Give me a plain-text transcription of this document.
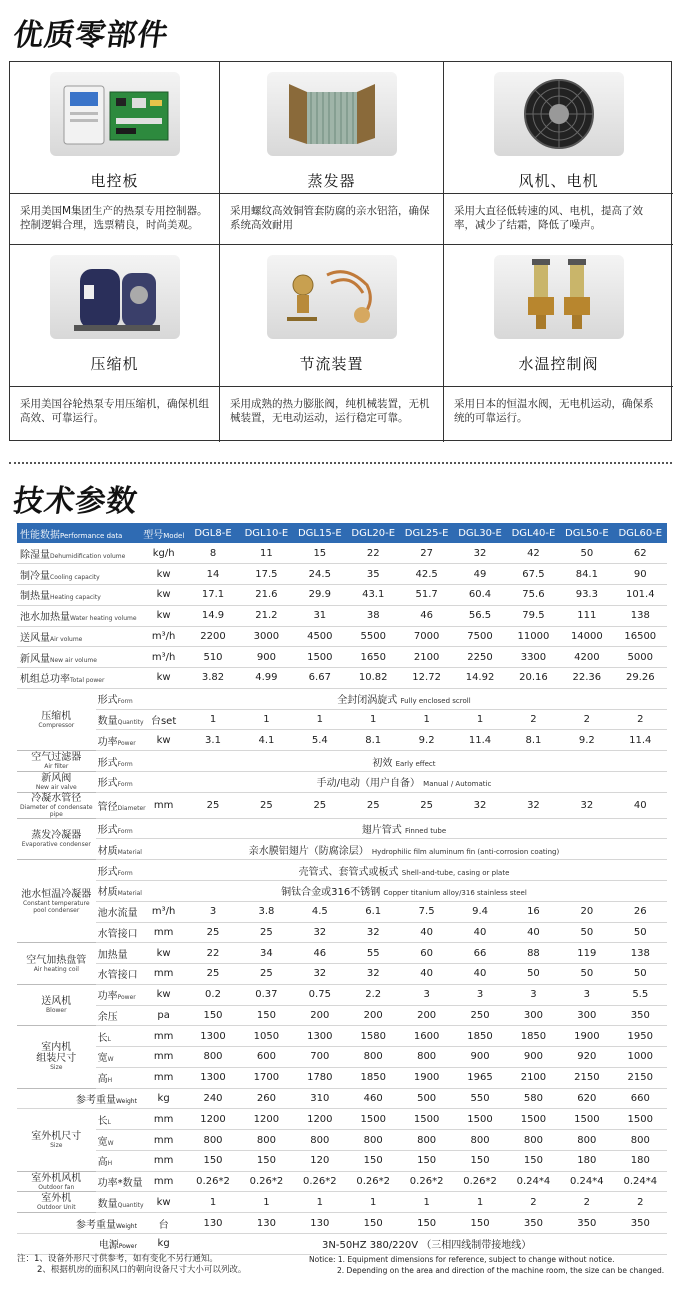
优质零部件
电控板	蒸发器	风机、电机
采用美国M集团生产的热泵专用控制器。控制逻辑合理，选票精良，时尚美观。
采用螺纹高效铜管套防腐的亲水铝箔，确保系统高效耐用
采用大直径低转速的风、电机，提高了效率，减少了结霜，降低了噪声。
压缩机	节流装置	水温控制阀
采用美国谷轮热泵专用压缩机，确保机组高效、可靠运行。
采用成熟的热力膨胀阀，纯机械装置，无机械装置，无电动运动，运行稳定可靠。
采用日本的恒温水阀，无电机运动，确保系统的可靠运行。
技术参数
性能数据Performance data		型号Model	DGL8-E	DGL10-E	DGL15-E	DGL20-E	DGL25-E	DGL30-E	DGL40-E	DGL50-E	DGL60-E
除湿量Dehumidification volume		kg/h	8	11	15	22	27	32	42	50	62
制冷量Cooling capacity		kw	14	17.5	24.5	35	42.5	49	67.5	84.1	90
制热量Heating capacity		kw	17.1	21.6	29.9	43.1	51.7	60.4	75.6	93.3	101.4
池水加热量Water heating volume		kw	14.9	21.2	31	38	46	56.5	79.5	111	138
送风量Air volume		m³/h	2200	3000	4500	5500	7000	7500	11000	14000	16500
新风量New air volume		m³/h	510	900	1500	1650	2100	2250	3300	4200	5000
机组总功率Total power		kw	3.82	4.99	6.67	10.82	12.72	14.92	20.16	22.36	29.26
压缩机
Compressor	形式Form	全封闭涡旋式 Fully enclosed scroll									
	数量Quantity	台set	1	1	1	1	1	1	2	2	2
	功率Power	kw	3.1	4.1	5.4	8.1	9.2	11.4	8.1	9.2	11.4
空气过滤器
Air filter	形式Form	初效 Early effect									
新风阀
New air valve	形式Form	手动/电动（用户自备） Manual / Automatic									
冷凝水管径
Diameter of condensate pipe	管径Diameter	mm	25	25	25	25	25	32	32	32	40
蒸发冷凝器
Evaporative condenser	形式Form	翅片管式 Finned tube									
	材质Material	亲水膜铝翅片（防腐涂层） Hydrophilic film aluminum fin (anti-corrosion coating)									
池水恒温冷凝器
Constant temperature
pool condenser	形式Form	壳管式、套管式或板式 Shell-and-tube, casing or plate									
	材质Material	铜钛合金或316不锈钢 Copper titanium alloy/316 stainless steel									
	池水流量	m³/h	3	3.8	4.5	6.1	7.5	9.4	16	20	26
	水管接口	mm	25	25	32	32	40	40	40	50	50
空气加热盘管
Air heating coil	加热量	kw	22	34	46	55	60	66	88	119	138
	水管接口	mm	25	25	32	32	40	40	50	50	50
送风机
Blower	功率Power	kw	0.2	0.37	0.75	2.2	3	3	3	3	5.5
	余压	pa	150	150	200	200	200	250	300	300	350
室内机
组装尺寸
Size	长L	mm	1300	1050	1300	1580	1600	1850	1850	1900	1950
	宽W	mm	800	600	700	800	800	900	900	920	1000
	高H	mm	1300	1700	1780	1850	1900	1965	2100	2150	2150
参考重量Weight		kg	240	260	310	460	500	550	580	620	660
室外机尺寸
Size	长L	mm	1200	1200	1200	1500	1500	1500	1500	1500	1500
	宽W	mm	800	800	800	800	800	800	800	800	800
	高H	mm	150	150	120	150	150	150	150	180	180
室外机风机
Outdoor fan	功率*数量	mm	0.26*2	0.26*2	0.26*2	0.26*2	0.26*2	0.26*2	0.24*4	0.24*4	0.24*4
室外机
Outdoor Unit	数量Quantity	kw	1	1	1	1	1	1	2	2	2
参考重量Weight		台	130	130	130	150	150	150	350	350	350
电源Power		kg	3N-50HZ 380/220V （三相四线制带接地线）								
注：1、设备外形尺寸供参考，如有变化不另行通知。
2、根据机房的面积风口的朝向设备尺寸大小可以列改。
Notice: 1. Equipment dimensions for reference, subject to change without notice.
2. Depending on the area and direction of the machine room, the size can be changed.
